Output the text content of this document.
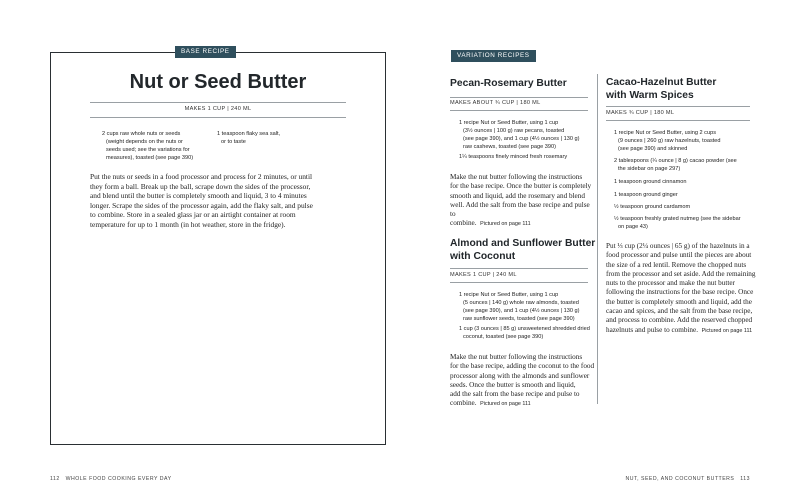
BASE RECIPE
Nut or Seed Butter
MAKES 1 CUP | 240 ML
2 cups raw whole nuts or seeds
(weight depends on the nuts or
seeds used; see the variations for
measures), toasted (see page 390)
1 teaspoon flaky sea salt,
or to taste
Put the nuts or seeds in a food processor and process for 2 minutes, or until
they form a ball. Break up the ball, scrape down the sides of the processor,
and blend until the butter is completely smooth and liquid, 3 to 4 minutes
longer. Scrape the sides of the processor again, add the flaky salt, and pulse
to combine. Store in a sealed glass jar or an airtight container at room
temperature for up to 1 month (in hot weather, store in the fridge).
112 WHOLE FOOD COOKING EVERY DAY
VARIATION RECIPES
Pecan-Rosemary Butter
MAKES ABOUT ¾ CUP | 180 ML
1 recipe Nut or Seed Butter, using 1 cup
(3½ ounces | 100 g) raw pecans, toasted
(see page 390), and 1 cup (4½ ounces | 130 g)
raw cashews, toasted (see page 390)
1¼ teaspoons finely minced fresh rosemary
Make the nut butter following the instructions
for the base recipe. Once the butter is completely
smooth and liquid, add the rosemary and blend
well. Add the salt from the base recipe and pulse to
combine. Pictured on page 111
Almond and Sunflower Butter
with Coconut
MAKES 1 CUP | 240 ML
1 recipe Nut or Seed Butter, using 1 cup
(5 ounces | 140 g) whole raw almonds, toasted
(see page 390), and 1 cup (4½ ounces | 130 g)
raw sunflower seeds, toasted (see page 390)
1 cup (3 ounces | 85 g) unsweetened shredded dried
coconut, toasted (see page 390)
Make the nut butter following the instructions
for the base recipe, adding the coconut to the food
processor along with the almonds and sunflower
seeds. Once the butter is smooth and liquid,
add the salt from the base recipe and pulse to
combine. Pictured on page 111
Cacao-Hazelnut Butter
with Warm Spices
MAKES ¾ CUP | 180 ML
1 recipe Nut or Seed Butter, using 2 cups
(9 ounces | 260 g) raw hazelnuts, toasted
(see page 390) and skinned
2 tablespoons (¼ ounce | 8 g) cacao powder (see
the sidebar on page 297)
1 teaspoon ground cinnamon
1 teaspoon ground ginger
½ teaspoon ground cardamom
½ teaspoon freshly grated nutmeg (see the sidebar
on page 43)
Put ⅓ cup (2¼ ounces | 65 g) of the hazelnuts in a
food processor and pulse until the pieces are about
the size of a red lentil. Remove the chopped nuts
from the processor and set aside. Add the remaining
nuts to the processor and make the nut butter
following the instructions for the base recipe. Once
the butter is completely smooth and liquid, add the
cacao and spices, and the salt from the base recipe,
and process to combine. Add the reserved chopped
hazelnuts and pulse to combine. Pictured on page 111
NUT, SEED, AND COCONUT BUTTERS 113
